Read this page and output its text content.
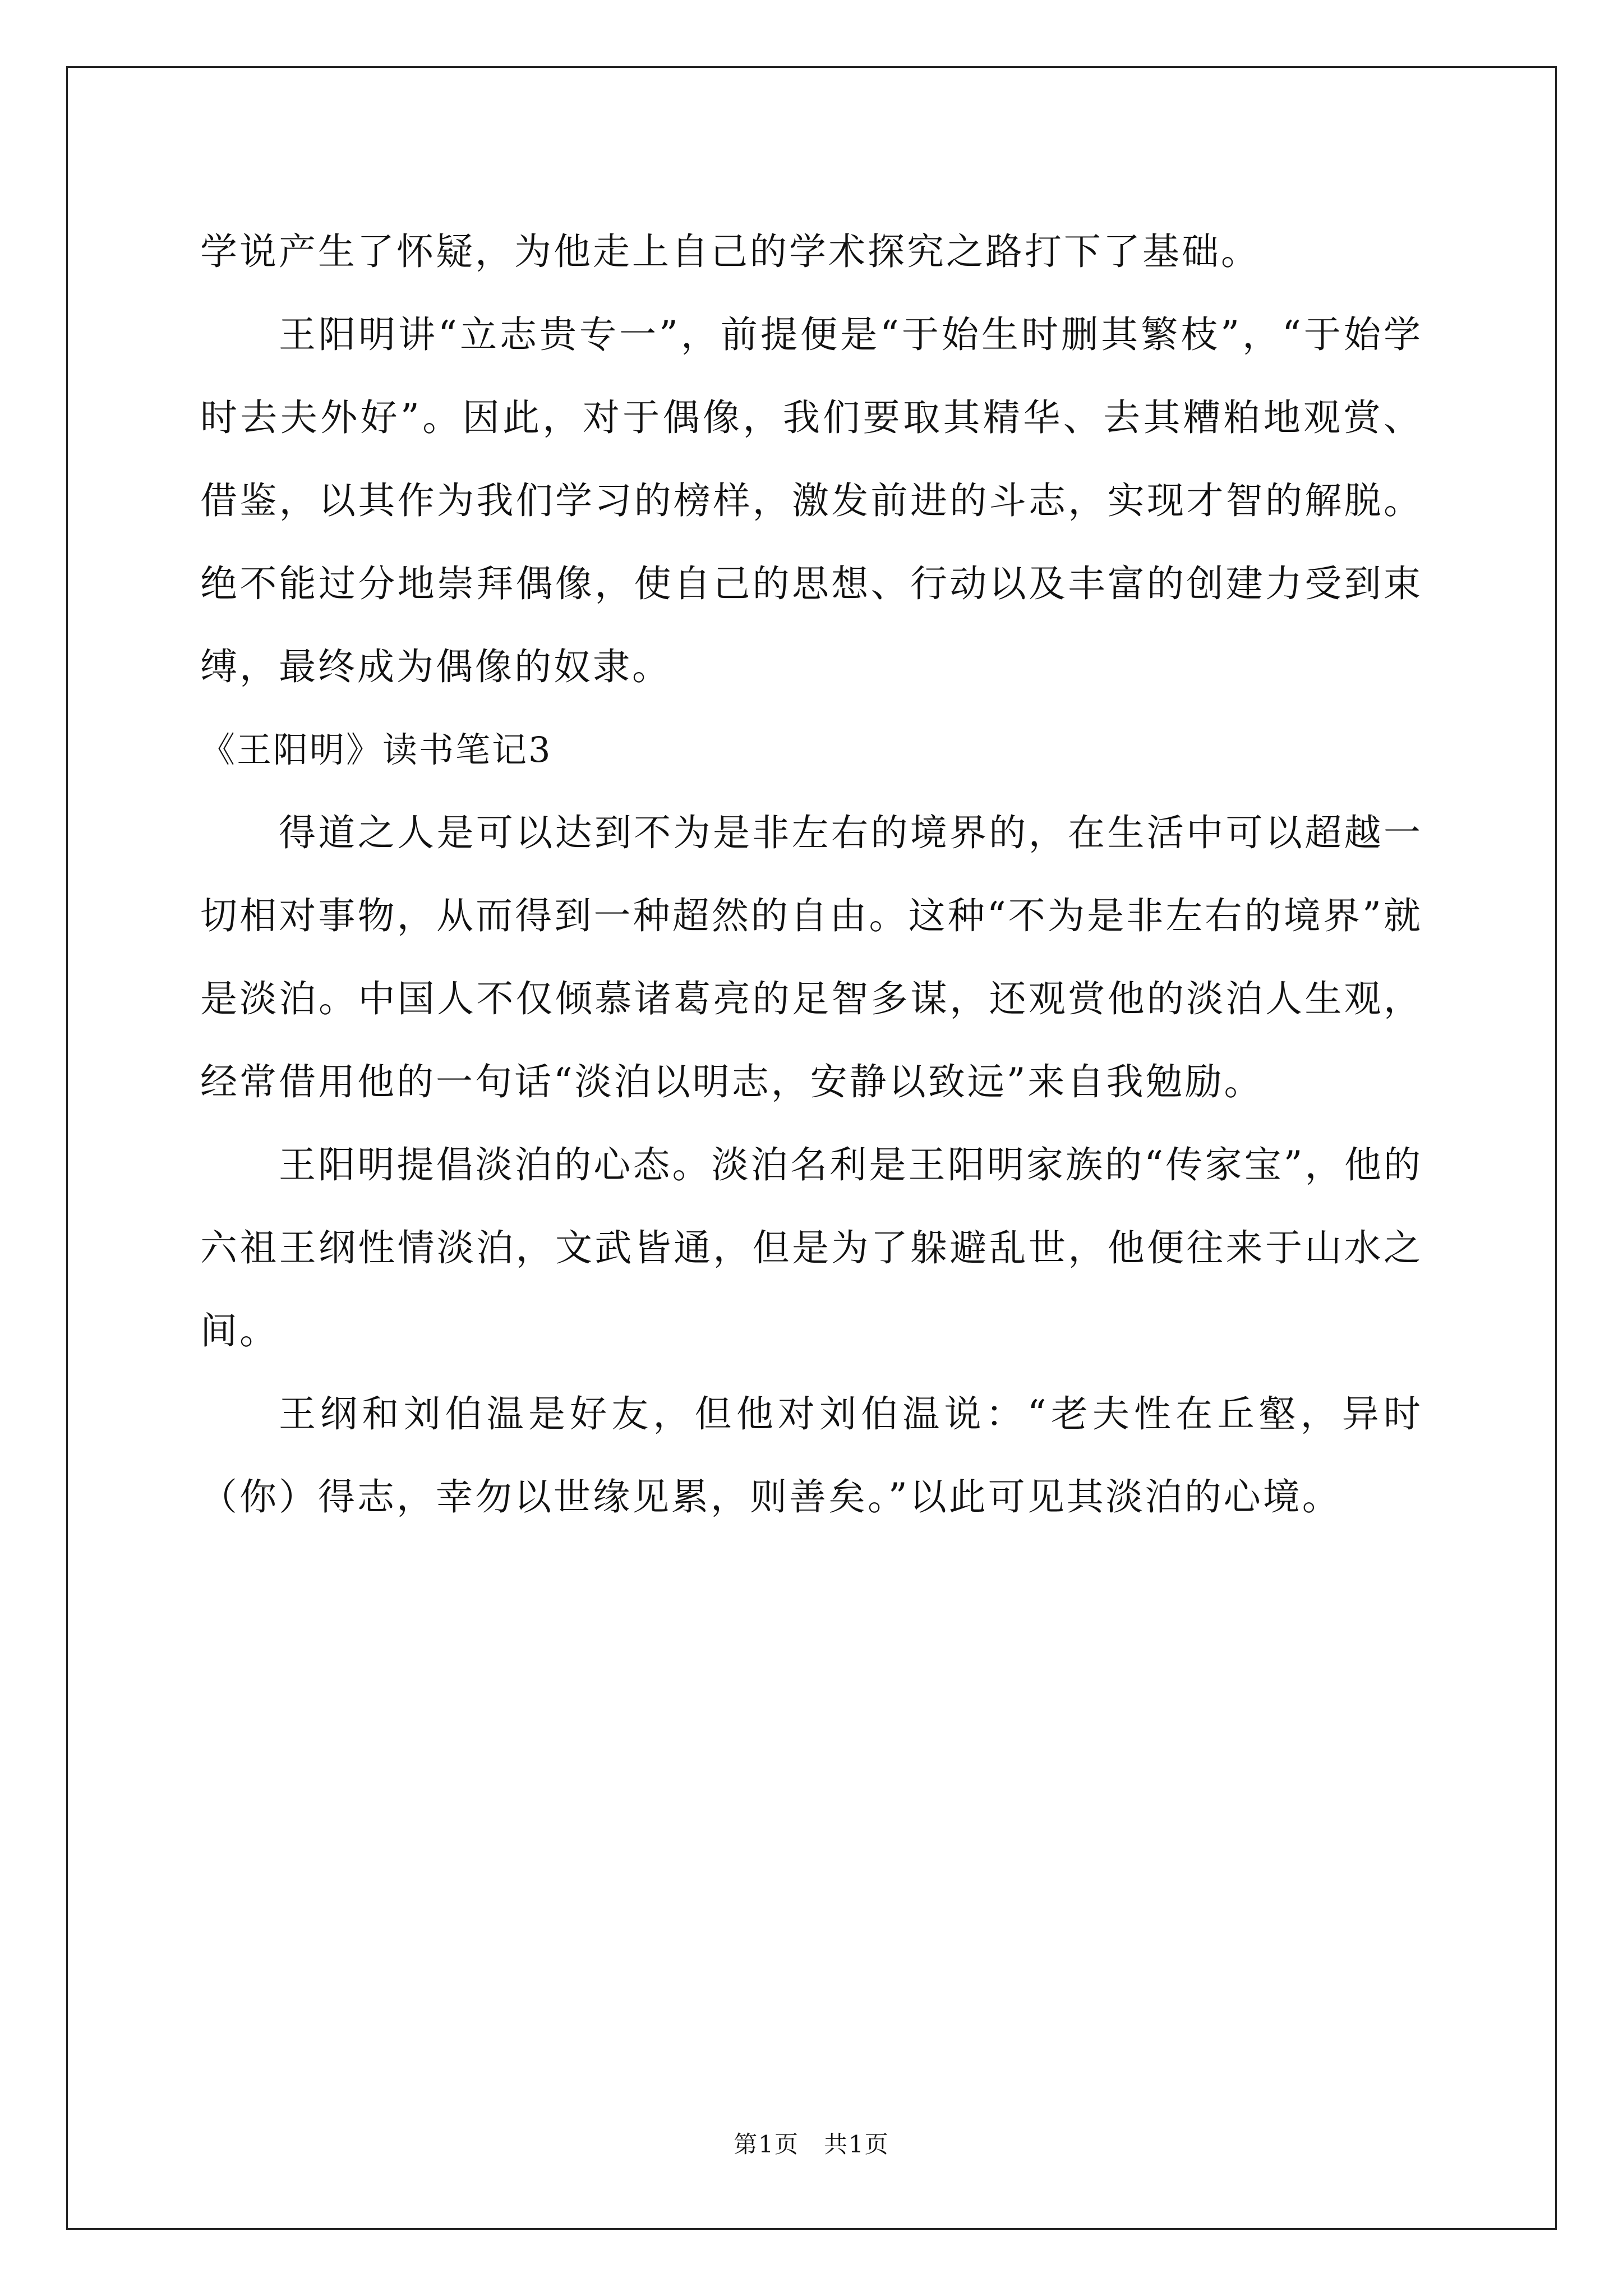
学说产生了怀疑，为他走上自己的学术探究之路打下了基础。

王阳明讲“立志贵专一”，前提便是“于始生时删其繁枝”，“于始学时去夫外好”。因此，对于偶像，我们要取其精华、去其糟粕地观赏、借鉴，以其作为我们学习的榜样，激发前进的斗志，实现才智的解脱。绝不能过分地崇拜偶像，使自己的思想、行动以及丰富的创建力受到束缚，最终成为偶像的奴隶。

《王阳明》读书笔记3

得道之人是可以达到不为是非左右的境界的，在生活中可以超越一切相对事物，从而得到一种超然的自由。这种“不为是非左右的境界”就是淡泊。中国人不仅倾慕诸葛亮的足智多谋，还观赏他的淡泊人生观，经常借用他的一句话“淡泊以明志，安静以致远”来自我勉励。

王阳明提倡淡泊的心态。淡泊名利是王阳明家族的“传家宝”，他的六祖王纲性情淡泊，文武皆通，但是为了躲避乱世，他便往来于山水之间。

王纲和刘伯温是好友，但他对刘伯温说：“老夫性在丘壑，异时（你）得志，幸勿以世缘见累，则善矣。”以此可见其淡泊的心境。

第1页　共1页
